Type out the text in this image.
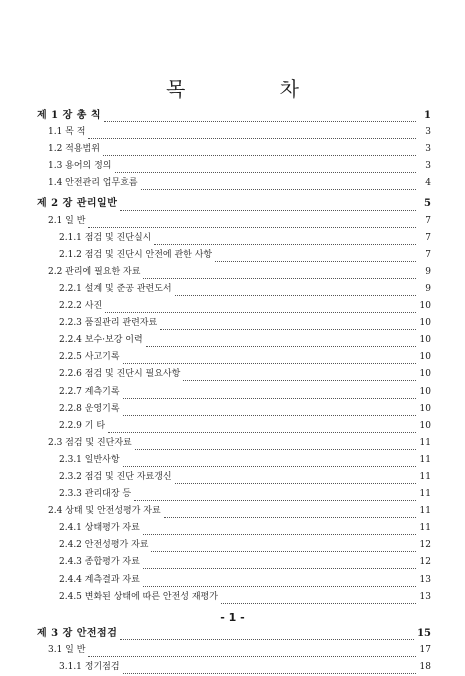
목 차
제 1 장 총 칙	1
1.1 목 적	3
1.2 적용범위	3
1.3 용어의 정의	3
1.4 안전관리 업무흐름	4
제 2 장 관리일반	5
2.1 일 반	7
2.1.1 점검 및 진단실시	7
2.1.2 점검 및 진단시 안전에 관한 사항	7
2.2 관리에 필요한 자료	9
2.2.1 설계 및 준공 관련도서	9
2.2.2 사진	10
2.2.3 품질관리 관련자료	10
2.2.4 보수·보강 이력	10
2.2.5 사고기록	10
2.2.6 점검 및 진단시 필요사항	10
2.2.7 계측기록	10
2.2.8 운영기록	10
2.2.9 기 타	10
2.3 점검 및 진단자료	11
2.3.1 일반사항	11
2.3.2 점검 및 진단 자료갱신	11
2.3.3 관리대장 등	11
2.4 상태 및 안전성평가 자료	11
2.4.1 상태평가 자료	11
2.4.2 안전성평가 자료	12
2.4.3 종합평가 자료	12
2.4.4 계측결과 자료	13
2.4.5 변화된 상태에 따른 안전성 재평가	13
제 3 장 안전점검	15
3.1 일 반	17
3.1.1 정기점검	18
- 1 -
